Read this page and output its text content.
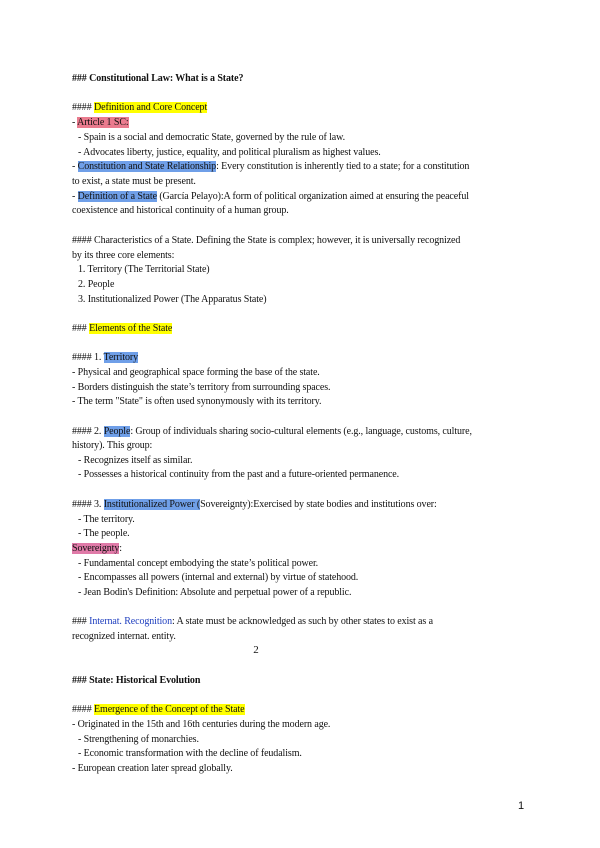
### Constitutional Law: What is a State?
#### Definition and Core Concept
- Article 1 SC:
- Spain is a social and democratic State, governed by the rule of law.
- Advocates liberty, justice, equality, and political pluralism as highest values.
- Constitution and State Relationship: Every constitution is inherently tied to a state; for a constitution
to exist, a state must be present.
- Definition of a State (García Pelayo):A form of political organization aimed at ensuring the peaceful
coexistence and historical continuity of a human group.
#### Characteristics of a State. Defining the State is complex; however, it is universally recognized
by its three core elements:
1. Territory (The Territorial State)
2. People
3. Institutionalized Power (The Apparatus State)
### Elements of the State
#### 1. Territory
- Physical and geographical space forming the base of the state.
- Borders distinguish the state’s territory from surrounding spaces.
- The term "State" is often used synonymously with its territory.
#### 2. People: Group of individuals sharing socio-cultural elements (e.g., language, customs, culture,
history). This group:
- Recognizes itself as similar.
- Possesses a historical continuity from the past and a future-oriented permanence.
#### 3. Institutionalized Power (Sovereignty):Exercised by state bodies and institutions over:
- The territory.
- The people.
Sovereignty:
- Fundamental concept embodying the state’s political power.
- Encompasses all powers (internal and external) by virtue of statehood.
- Jean Bodin's Definition: Absolute and perpetual power of a republic.
### Internat. Recognition: A state must be acknowledged as such by other states to exist as a
recognized internat. entity.
2
### State: Historical Evolution
#### Emergence of the Concept of the State
- Originated in the 15th and 16th centuries during the modern age.
- Strengthening of monarchies.
- Economic transformation with the decline of feudalism.
- European creation later spread globally.
1
